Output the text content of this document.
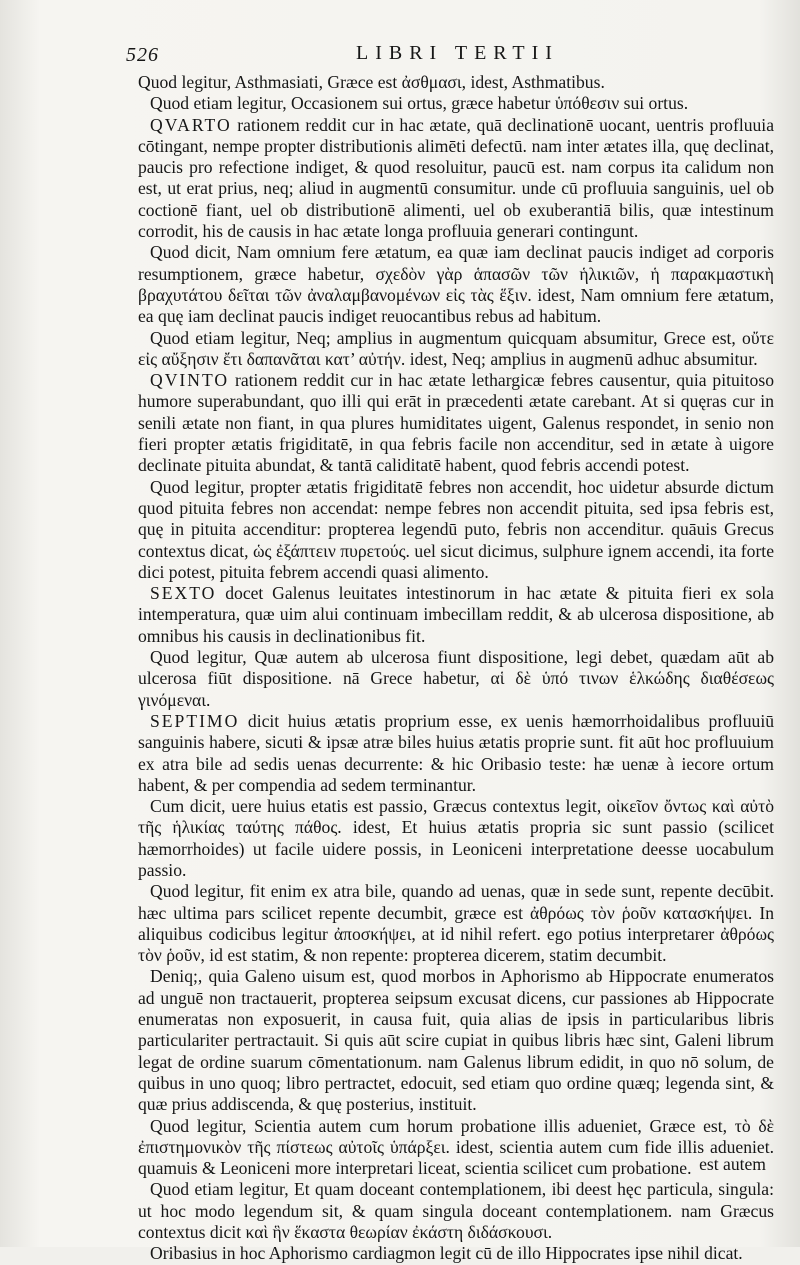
526	LIBRI TERTII

Quod legitur, Asthmasiati, Græce est ἀσθμασι, idest, Asthmatibus.

Quod etiam legitur, Occasionem sui ortus, græce habetur ὑπόθεσιν sui ortus.

QVARTO rationem reddit cur in hac ætate, quā declinationē uocant, uentris profluuia cōtingant, nempe propter distributionis alimēti defectū. nam inter ætates illa, quę declinat, paucis pro refectione indiget, & quod resoluitur, paucū est. nam corpus ita calidum non est, ut erat prius, neq; aliud in augmentū consumitur. unde cū profluuia sanguinis, uel ob coctionē fiant, uel ob distributionē alimenti, uel ob exuberantiā bilis, quæ intestinum corrodit, his de causis in hac ætate longa profluuia generari contingunt.

Quod dicit, Nam omnium fere ætatum, ea quæ iam declinat paucis indiget ad corporis resumptionem, græce habetur, σχεδὸν γὰρ ἁπασῶν τῶν ἡλικιῶν, ἡ παρακμαστικὴ βραχυτάτου δεῖται τῶν ἀναλαμβανομένων εἰς τὰς ἕξιν. idest, Nam omnium fere ætatum, ea quę iam declinat paucis indiget reuocantibus rebus ad habitum.

Quod etiam legitur, Neq; amplius in augmentum quicquam absumitur, Grece est, οὔτε εἰς αὔξησιν ἔτι δαπανᾶται κατ’ αὐτήν. idest, Neq; amplius in augmenū adhuc absumitur.

QVINTO rationem reddit cur in hac ætate lethargicæ febres causentur, quia pituitoso humore superabundant, quo illi qui erāt in præcedenti ætate carebant. At si quęras cur in senili ætate non fiant, in qua plures humiditates uigent, Galenus respondet, in senio non fieri propter ætatis frigiditatē, in qua febris facile non accenditur, sed in ætate à uigore declinate pituita abundat, & tantā caliditatē habent, quod febris accendi potest.

Quod legitur, propter ætatis frigiditatē febres non accendit, hoc uidetur absurde dictum quod pituita febres non accendat: nempe febres non accendit pituita, sed ipsa febris est, quę in pituita accenditur: propterea legendū puto, febris non accenditur. quāuis Grecus contextus dicat, ὡς ἐξάπτειν πυρετούς. uel sicut dicimus, sulphure ignem accendi, ita forte dici potest, pituita febrem accendi quasi alimento.

SEXTO docet Galenus leuitates intestinorum in hac ætate & pituita fieri ex sola intemperatura, quæ uim alui continuam imbecillam reddit, & ab ulcerosa dispositione, ab omnibus his causis in declinationibus fit.

Quod legitur, Quæ autem ab ulcerosa fiunt dispositione, legi debet, quædam aūt ab ulcerosa fiūt dispositione. nā Grece habetur, αἱ δὲ ὑπό τινων ἑλκώδης διαθέσεως γινόμεναι.

SEPTIMO dicit huius ætatis proprium esse, ex uenis hæmorrhoidalibus profluuiū sanguinis habere, sicuti & ipsæ atræ biles huius ætatis proprie sunt. fit aūt hoc profluuium ex atra bile ad sedis uenas decurrente: & hic Oribasio teste: hæ uenæ à iecore ortum habent, & per compendia ad sedem terminantur.

Cum dicit, uere huius etatis est passio, Græcus contextus legit, οἰκεῖον ὄντως καὶ αὐτὸ τῆς ἡλικίας ταύτης πάθος. idest, Et huius ætatis propria sic sunt passio (scilicet hæmorrhoides) ut facile uidere possis, in Leoniceni interpretatione deesse uocabulum passio.

Quod legitur, fit enim ex atra bile, quando ad uenas, quæ in sede sunt, repente decūbit. hæc ultima pars scilicet repente decumbit, græce est ἀθρόως τὸν ῥοῦν κατασκήψει. In aliquibus codicibus legitur ἀποσκήψει, at id nihil refert. ego potius interpretarer ἀθρόως τὸν ῥοῦν, id est statim, & non repente: propterea dicerem, statim decumbit.

Deniq;, quia Galeno uisum est, quod morbos in Aphorismo ab Hippocrate enumeratos ad unguē non tractauerit, propterea seipsum excusat dicens, cur passiones ab Hippocrate enumeratas non exposuerit, in causa fuit, quia alias de ipsis in particularibus libris particulariter pertractauit. Si quis aūt scire cupiat in quibus libris hæc sint, Galeni librum legat de ordine suarum cōmentationum. nam Galenus librum edidit, in quo nō solum, de quibus in uno quoq; libro pertractet, edocuit, sed etiam quo ordine quæq; legenda sint, & quæ prius addiscenda, & quę posterius, instituit.

Quod legitur, Scientia autem cum horum probatione illis adueniet, Græce est, τὸ δὲ ἐπιστημονικὸν τῆς πίστεως αὐτοῖς ὑπάρξει. idest, scientia autem cum fide illis adueniet. quamuis & Leoniceni more interpretari liceat, scientia scilicet cum probatione.

Quod etiam legitur, Et quam doceant contemplationem, ibi deest hęc particula, singula: ut hoc modo legendum sit, & quam singula doceant contemplationem. nam Græcus contextus dicit καὶ ἣν ἕκαστα θεωρίαν ἐκάστη διδάσκουσι.

Oribasius in hoc Aphorismo cardiagmon legit cū de illo Hippocrates ipse nihil dicat.

est autem
